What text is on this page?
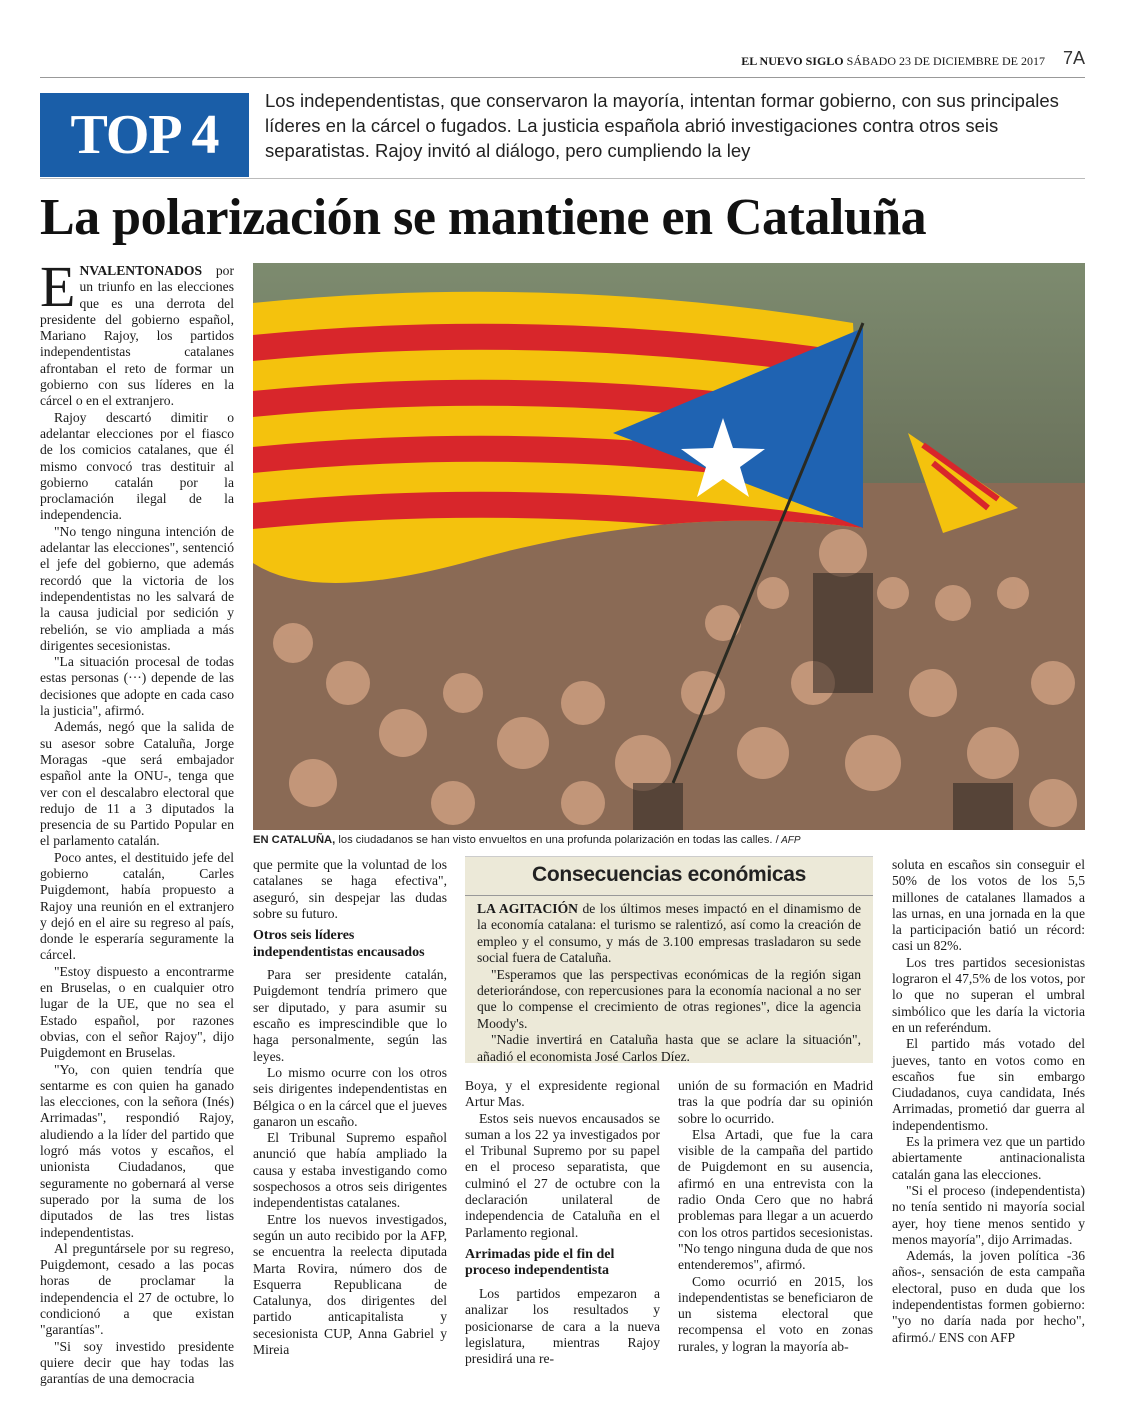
EL NUEVO SIGLO SÁBADO 23 DE DICIEMBRE DE 2017 7A
TOP 4
Los independentistas, que conservaron la mayoría, intentan formar gobierno, con sus principales líderes en la cárcel o fugados. La justicia española abrió investigaciones contra otros seis separatistas. Rajoy invitó al diálogo, pero cumpliendo la ley
La polarización se mantiene en Cataluña

ENVALENTONADOS por un triunfo en las elecciones que es una derrota del presidente del gobierno español, Mariano Rajoy, los partidos independentistas catalanes afrontaban el reto de formar un gobierno con sus líderes en la cárcel o en el extranjero.

Rajoy descartó dimitir o adelantar elecciones por el fiasco de los comicios catalanes, que él mismo convocó tras destituir al gobierno catalán por la proclamación ilegal de la independencia.

"No tengo ninguna intención de adelantar las elecciones", sentenció el jefe del gobierno, que además recordó que la victoria de los independentistas no les salvará de la causa judicial por sedición y rebelión, se vio ampliada a más dirigentes secesionistas.

"La situación procesal de todas estas personas (···) depende de las decisiones que adopte en cada caso la justicia", afirmó.

Además, negó que la salida de su asesor sobre Cataluña, Jorge Moragas -que será embajador español ante la ONU-, tenga que ver con el descalabro electoral que redujo de 11 a 3 diputados la presencia de su Partido Popular en el parlamento catalán.

Poco antes, el destituido jefe del gobierno catalán, Carles Puigdemont, había propuesto a Rajoy una reunión en el extranjero y dejó en el aire su regreso al país, donde le esperaría seguramente la cárcel.

"Estoy dispuesto a encontrarme en Bruselas, o en cualquier otro lugar de la UE, que no sea el Estado español, por razones obvias, con el señor Rajoy", dijo Puigdemont en Bruselas.

"Yo, con quien tendría que sentarme es con quien ha ganado las elecciones, con la señora (Inés) Arrimadas", respondió Rajoy, aludiendo a la líder del partido que logró más votos y escaños, el unionista Ciudadanos, que seguramente no gobernará al verse superado por la suma de los diputados de las tres listas independentistas.

Al preguntársele por su regreso, Puigdemont, cesado a las pocas horas de proclamar la independencia el 27 de octubre, lo condicionó a que existan "garantías".

"Si soy investido presidente quiere decir que hay todas las garantías de una democracia

EN CATALUÑA, los ciudadanos se han visto envueltos en una profunda polarización en todas las calles. / AFP

que permite que la voluntad de los catalanes se haga efectiva", aseguró, sin despejar las dudas sobre su futuro.

Otros seis líderes independentistas encausados

Para ser presidente catalán, Puigdemont tendría primero que ser diputado, y para asumir su escaño es imprescindible que lo haga personalmente, según las leyes.

Lo mismo ocurre con los otros seis dirigentes independentistas en Bélgica o en la cárcel que el jueves ganaron un escaño.

El Tribunal Supremo español anunció que había ampliado la causa y estaba investigando como sospechosos a otros seis dirigentes independentistas catalanes.

Entre los nuevos investigados, según un auto recibido por la AFP, se encuentra la reelecta diputada Marta Rovira, número dos de Esquerra Republicana de Catalunya, dos dirigentes del partido anticapitalista y secesionista CUP, Anna Gabriel y Mireia

Consecuencias económicas

LA AGITACIÓN de los últimos meses impactó en el dinamismo de la economía catalana: el turismo se ralentizó, así como la creación de empleo y el consumo, y más de 3.100 empresas trasladaron su sede social fuera de Cataluña.

"Esperamos que las perspectivas económicas de la región sigan deteriorándose, con repercusiones para la economía nacional a no ser que lo compense el crecimiento de otras regiones", dice la agencia Moody's.

"Nadie invertirá en Cataluña hasta que se aclare la situación", añadió el economista José Carlos Díez.

Boya, y el expresidente regional Artur Mas.

Estos seis nuevos encausados se suman a los 22 ya investigados por el Tribunal Supremo por su papel en el proceso separatista, que culminó el 27 de octubre con la declaración unilateral de independencia de Cataluña en el Parlamento regional.

Arrimadas pide el fin del proceso independentista

Los partidos empezaron a analizar los resultados y posicionarse de cara a la nueva legislatura, mientras Rajoy presidirá una re-

unión de su formación en Madrid tras la que podría dar su opinión sobre lo ocurrido.

Elsa Artadi, que fue la cara visible de la campaña del partido de Puigdemont en su ausencia, afirmó en una entrevista con la radio Onda Cero que no habrá problemas para llegar a un acuerdo con los otros partidos secesionistas. "No tengo ninguna duda de que nos entenderemos", afirmó.

Como ocurrió en 2015, los independentistas se beneficiaron de un sistema electoral que recompensa el voto en zonas rurales, y logran la mayoría ab-

soluta en escaños sin conseguir el 50% de los votos de los 5,5 millones de catalanes llamados a las urnas, en una jornada en la que la participación batió un récord: casi un 82%.

Los tres partidos secesionistas lograron el 47,5% de los votos, por lo que no superan el umbral simbólico que les daría la victoria en un referéndum.

El partido más votado del jueves, tanto en votos como en escaños fue sin embargo Ciudadanos, cuya candidata, Inés Arrimadas, prometió dar guerra al independentismo.

Es la primera vez que un partido abiertamente antinacionalista catalán gana las elecciones.

"Si el proceso (independentista) no tenía sentido ni mayoría social ayer, hoy tiene menos sentido y menos mayoría", dijo Arrimadas.

Además, la joven política -36 años-, sensación de esta campaña electoral, puso en duda que los independentistas formen gobierno: "yo no daría nada por hecho", afirmó./ ENS con AFP
